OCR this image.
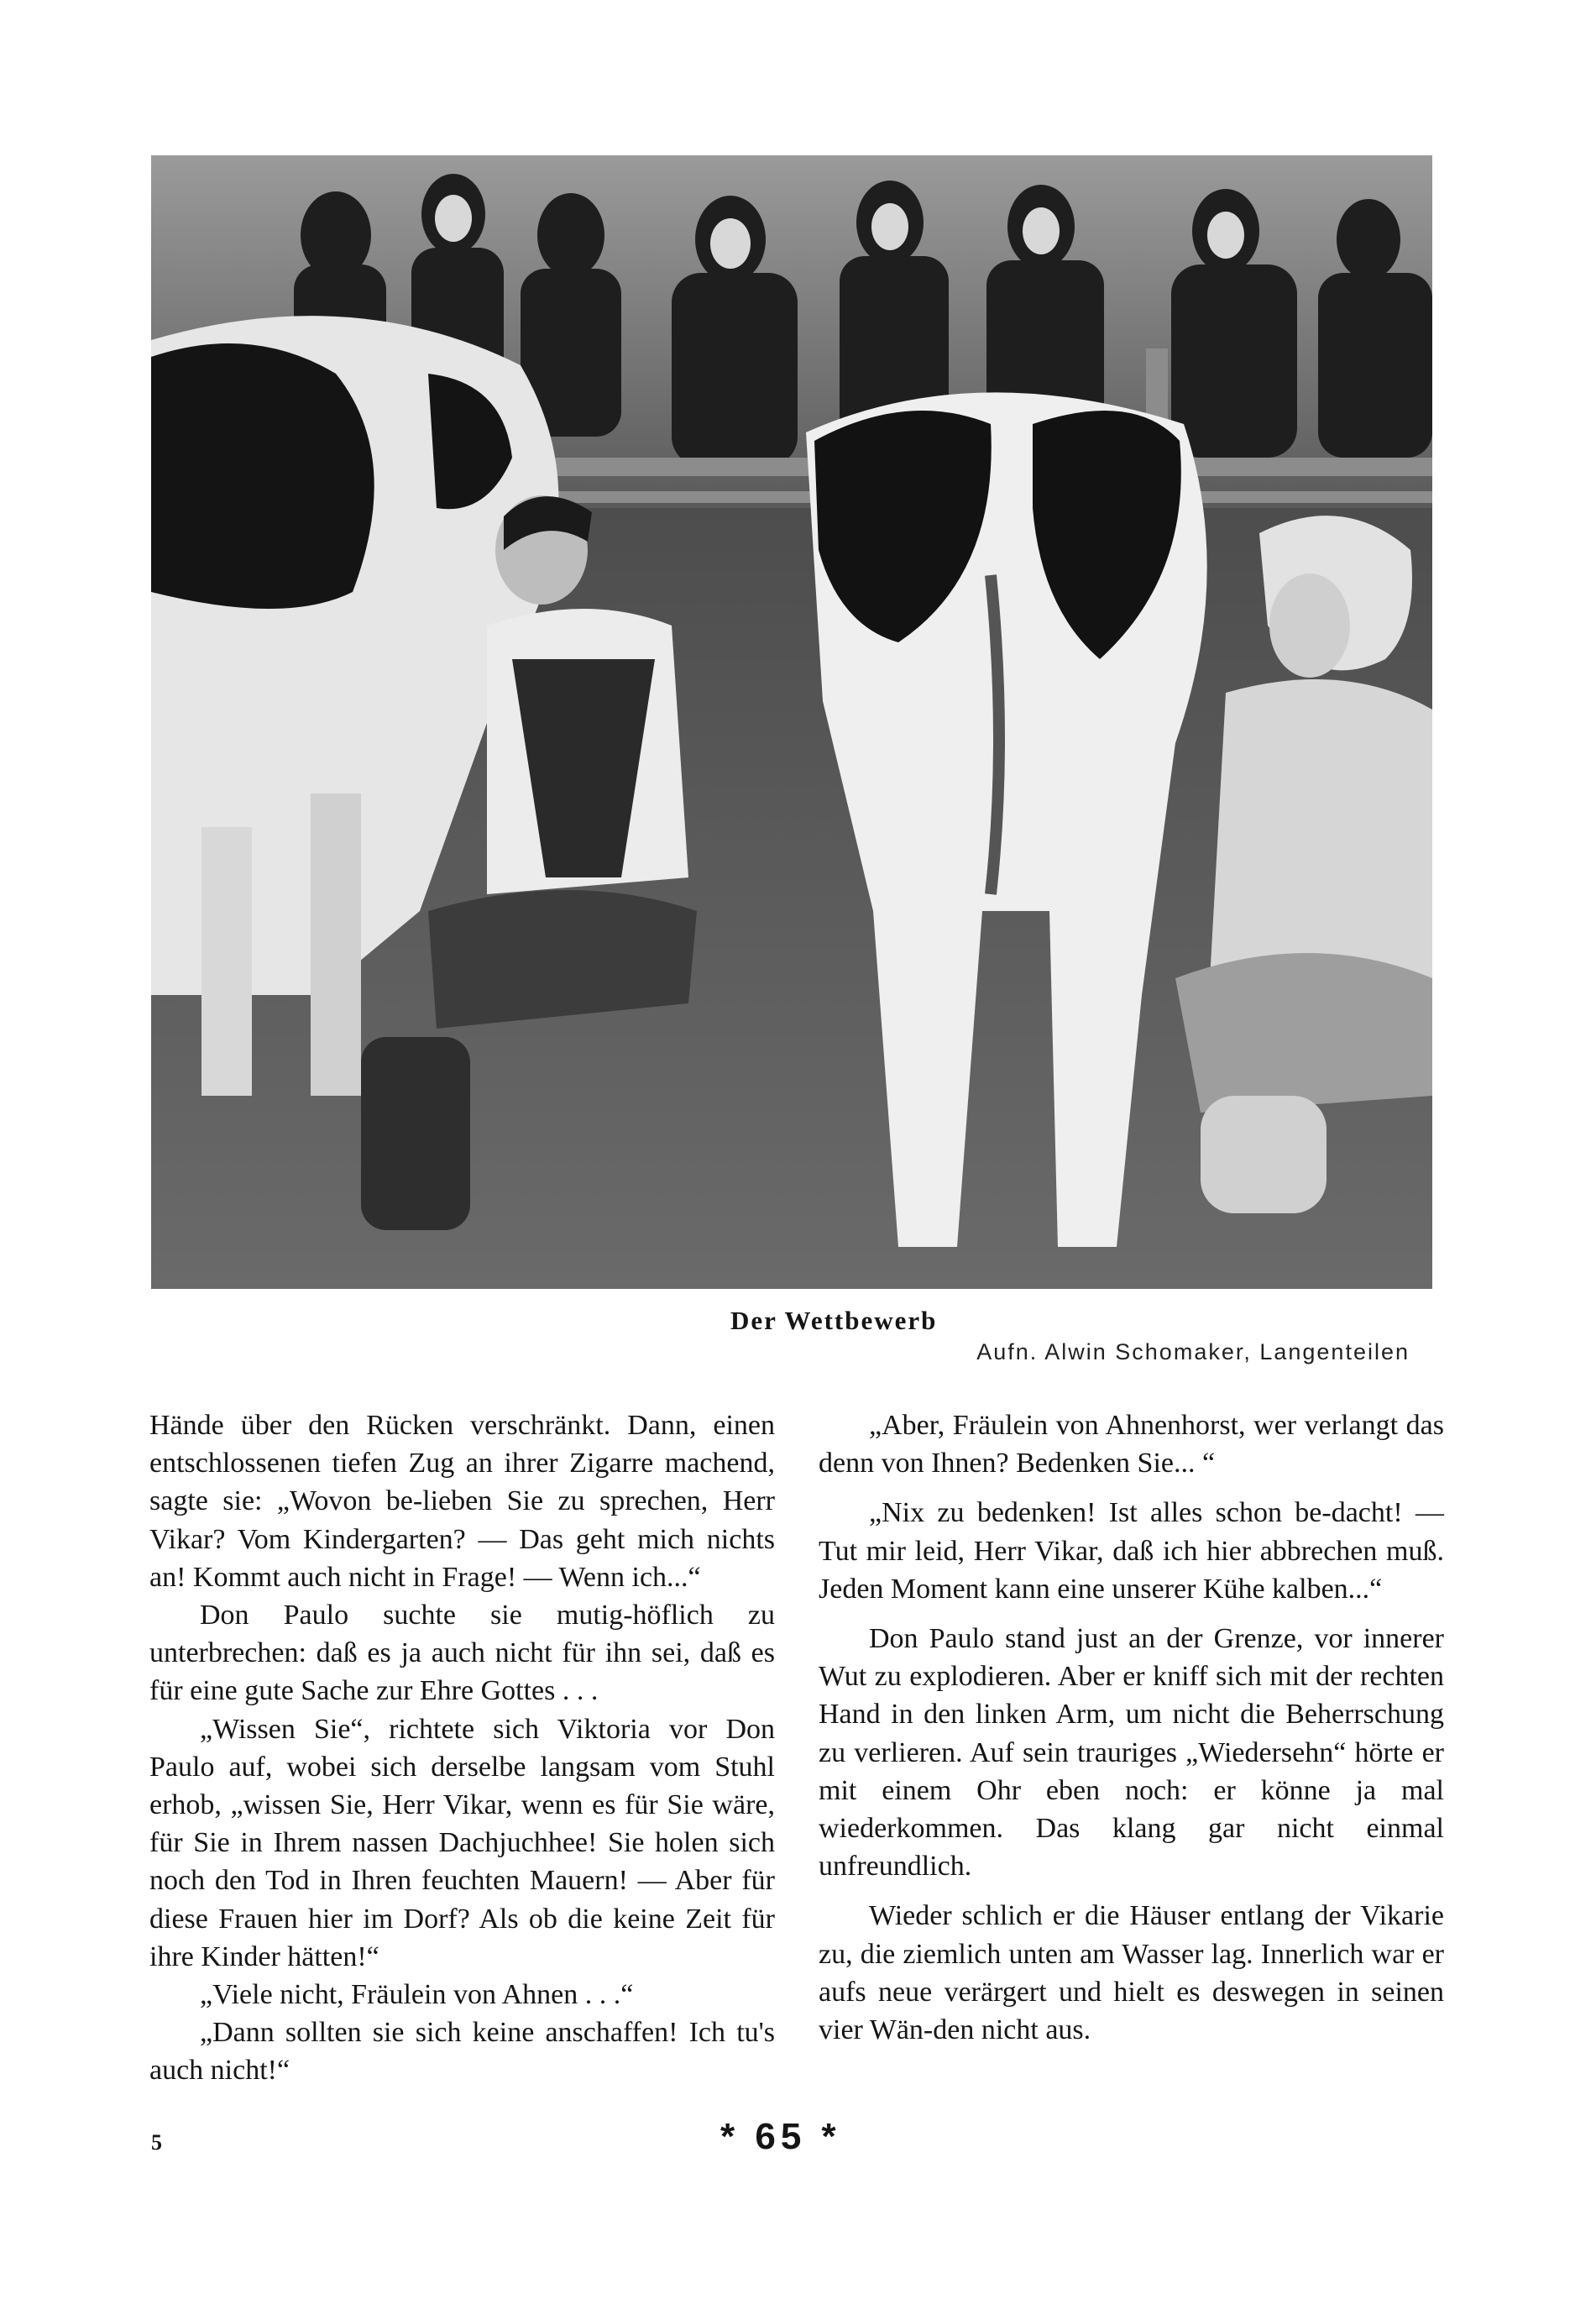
Der Wettbewerb
Aufn. Alwin Schomaker, Langenteilen

Hände über den Rücken verschränkt. Dann, einen entschlossenen tiefen Zug an ihrer Zigarre machend, sagte sie: „Wovon be-lieben Sie zu sprechen, Herr Vikar? Vom Kindergarten? — Das geht mich nichts an! Kommt auch nicht in Frage! — Wenn ich...“

Don Paulo suchte sie mutig-höflich zu unterbrechen: daß es ja auch nicht für ihn sei, daß es für eine gute Sache zur Ehre Gottes . . .

„Wissen Sie“, richtete sich Viktoria vor Don Paulo auf, wobei sich derselbe langsam vom Stuhl erhob, „wissen Sie, Herr Vikar, wenn es für Sie wäre, für Sie in Ihrem nassen Dachjuchhee! Sie holen sich noch den Tod in Ihren feuchten Mauern! — Aber für diese Frauen hier im Dorf? Als ob die keine Zeit für ihre Kinder hätten!“

„Viele nicht, Fräulein von Ahnen . . .“

„Dann sollten sie sich keine anschaffen! Ich tu's auch nicht!“

„Aber, Fräulein von Ahnenhorst, wer verlangt das denn von Ihnen? Bedenken Sie... “

„Nix zu bedenken! Ist alles schon be-dacht! — Tut mir leid, Herr Vikar, daß ich hier abbrechen muß. Jeden Moment kann eine unserer Kühe kalben...“

Don Paulo stand just an der Grenze, vor innerer Wut zu explodieren. Aber er kniff sich mit der rechten Hand in den linken Arm, um nicht die Beherrschung zu verlieren. Auf sein trauriges „Wiedersehn“ hörte er mit einem Ohr eben noch: er könne ja mal wiederkommen. Das klang gar nicht einmal unfreundlich.

Wieder schlich er die Häuser entlang der Vikarie zu, die ziemlich unten am Wasser lag. Innerlich war er aufs neue verärgert und hielt es deswegen in seinen vier Wän-den nicht aus.

5	* 65 *
